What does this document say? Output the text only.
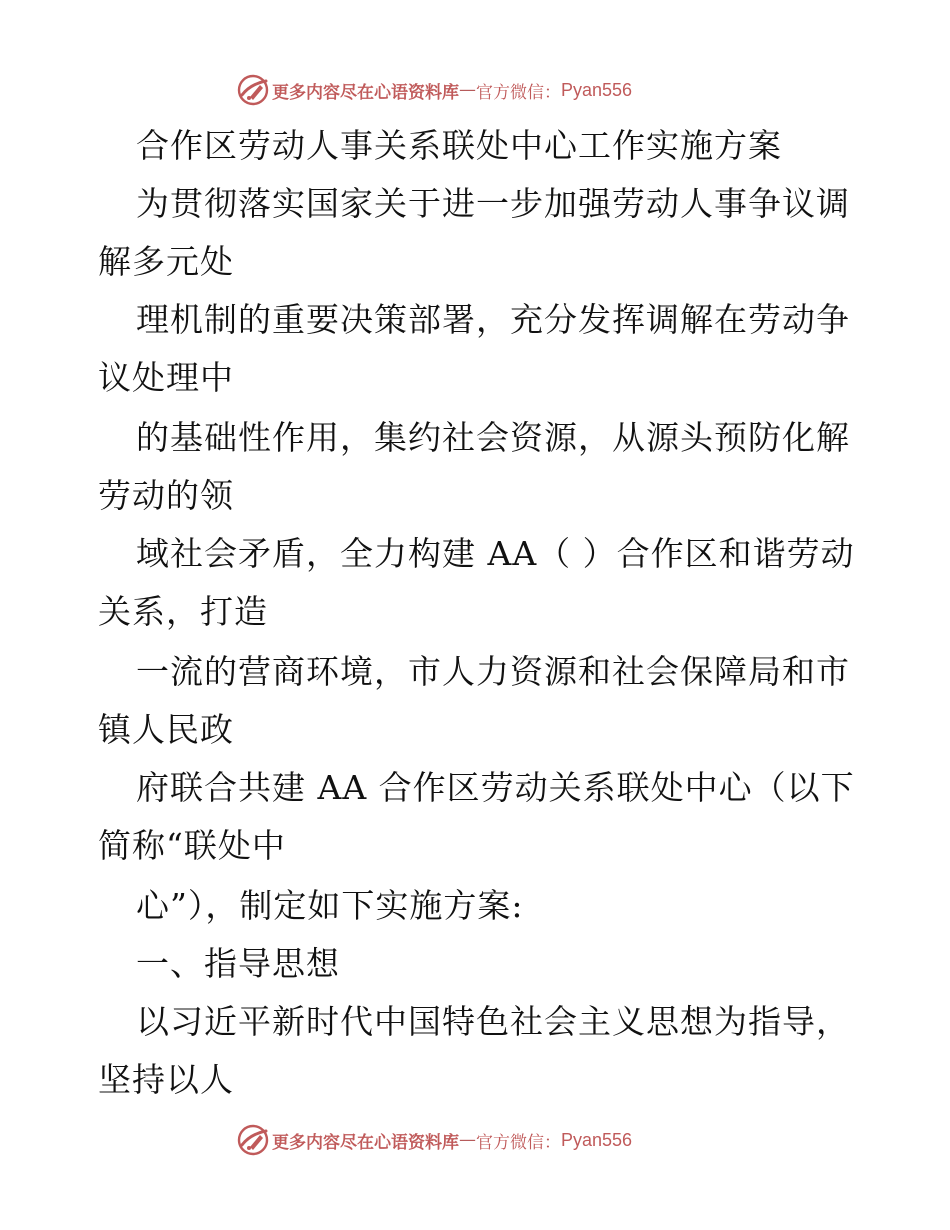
更多内容尽在心语资料库 — 官方微信： Pyan556
合作区劳动人事关系联处中心工作实施方案
为贯彻落实国家关于进一步加强劳动人事争议调
解多元处
理机制的重要决策部署，充分发挥调解在劳动争
议处理中
的基础性作用，集约社会资源，从源头预防化解
劳动的领
域社会矛盾，全力构建 AA（ ）合作区和谐劳动
关系，打造
一流的营商环境，市人力资源和社会保障局和市
镇人民政
府联合共建 AA 合作区劳动关系联处中心（以下
简称“联处中
心”），制定如下实施方案:
一、指导思想
以习近平新时代中国特色社会主义思想为指导，
坚持以人
更多内容尽在心语资料库 — 官方微信： Pyan556
